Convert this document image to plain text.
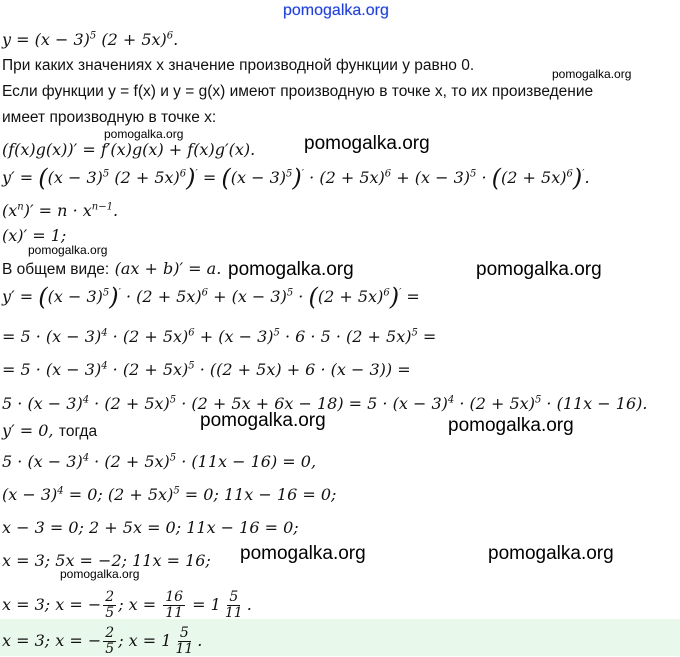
pomogalka.org
pomogalka.org
pomogalka.org	pomogalka.org
pomogalka.org
pomogalka.org	pomogalka.org
pomogalka.org	pomogalka.org
pomogalka.org	pomogalka.org
pomogalka.org
$y = (x - 3)^5$ $(2 + 5x)^6$.
При каких значениях x значение производной функции y равно 0.
Если функции y = f(x) и y = g(x) имеют производную в точке x, то их произведение
имеет производную в точке x:
(f(x)g(x))′ = f′(x)g(x) + f(x)g′(x).
$y' = ((x - 3)^5$ $(2 + 5x)^6)' = ((x - 3)^5)' \cdot (2 + 5x)^6 + (x - 3)^5 \cdot ((2 + 5x)^6)'$.
$(x^n)' = n \cdot x^{n-1}$.
(x)′ = 1;
В общем виде: (ax + b)′ = a.
$y' = ((x - 3)^5)' \cdot (2 + 5x)^6 + (x - 3)^5 \cdot ((2 + 5x)^6)'$ =
= $5 \cdot (x - 3)^4 \cdot (2 + 5x)^6 + (x - 3)^5 \cdot 6 \cdot 5 \cdot (2 + 5x)^5$ =
= $5 \cdot (x - 3)^4 \cdot (2 + 5x)^5 \cdot ((2 + 5x) + 6 \cdot (x - 3))$ =
$5 \cdot (x - 3)^4 \cdot (2 + 5x)^5 \cdot (2 + 5x + 6x - 18) = 5 \cdot (x - 3)^4 \cdot (2 + 5x)^5 \cdot (11x - 16)$.
y′ = 0, тогда
$5 \cdot (x - 3)^4 \cdot (2 + 5x)^5 \cdot (11x - 16) = 0$,
$(x - 3)^4 = 0$; $(2 + 5x)^5 = 0$; 11x − 16 = 0;
x − 3 = 0; 2 + 5x = 0; 11x − 16 = 0;
x = 3; 5x = −2; 11x = 16;
x = 3; x = − $\frac{2}{5}$ ; $x = \frac{16}{11} = 1 \frac{5}{11}$ .
x = 3; x = − $\frac{2}{5}$ ; $x = 1 \frac{5}{11}$ .
